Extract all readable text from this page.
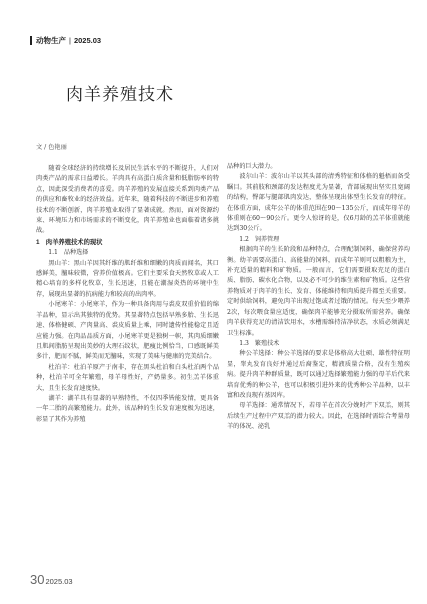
动物生产 | 2025.03
肉羊养殖技术
文 / 色艳丽

随着全球经济的持续增长及居民生活水平的不断提升，人们对肉类产品的需求日益增长。羊肉具有高蛋白质含量和低脂肪率的特点，因此深受消费者的喜爱。肉羊养殖的发展直接关系到肉类产品的供应和畜牧业的经济效益。近年来，随着科技的不断进步和养殖技术的不断创新，肉羊养殖业取得了显著成就。然而，面对资源约束、环境压力和市场需求的不断变化，肉羊养殖业也面临着诸多挑战。

1　肉羊养殖技术的现状
1.1 品种选择

黑山羊：黑山羊因其纤维的肌纤维和细嫩的肉质而闻名，其口感鲜美，膻味较微，营养价值极高。它们主要采食天然牧草或人工精心培育的多样化牧草，生长迅速，且能在潮湿炎热的环境中生存，展现出显著的抗病能力和较高的出肉率。

小尾寒羊：小尾寒羊，作为一种具备肉用与裘皮双重价值的绵羊品种，显示出其独特的优势。其显著特点包括早熟多胎、生长迅速、体格健硕、产肉量高、裘皮质量上乘，同时遗传性能稳定且适应能力强。在肉品品质方面，小尾寒羊更是独树一帜，其肉质细嫩且肌间脂肪呈现出美妙的大理石纹状，肥瘦比例恰当，口感既鲜美多汁，肥而不腻，鲜美而无膻味，实现了美味与健康的完美结合。

杜泊羊：杜泊羊原产于南非，存在黑头杜泊和白头杜泊两个品种，杜泊羊可全年繁殖，母羊母性好，产奶量多。初生羔羊体重大，且生长发育速度快。

湖羊：湖羊具有显著的早熟特性，不仅四季皆能发情，更具备一年二胎的高繁殖能力。此外，该品种的生长发育速度极为迅速，彰显了其作为养殖

品种的巨大潜力。

波尔山羊：波尔山羊以其头部的清秀特征和体格的魁梧而备受瞩目。其前肢和颈部的发达程度尤为显著，背部展现出坚实且宽阔的结构，臀部与腿部肌肉发达，整体呈现出体型生长发育的特征。在体重方面，成年公羊的体重范围在90～135公斤，而成年母羊的体重则在60～90公斤。更令人惊讶的是，仅6月龄的羔羊体重就能达到30公斤。

1.2 饲养管理

根据肉羊的生长阶段和品种特点，合理配制饲料，确保营养均衡。幼羊需要高蛋白、高能量的饲料，而成年羊则可以粗粮为主，补充适量的精料和矿物质。一般而言，它们需要摄取充足的蛋白质、脂肪、碳水化合物，以及必不可少的维生素和矿物质。这些营养物质对于肉羊的生长、发育、体能维持和肉质提升都至关重要。定时供给饲料，避免肉羊出现过饱或者过饿的情况。每天至少喂养2次，每次喂食量应适度，确保肉羊能够充分摄取所需营养。确保肉羊获得充足的清洁饮用水，水槽需维持洁净状态，水质必须满足卫生标准。

1.3 繁殖技术

种公羊选择：种公羊选择的要求是体格高大壮硕、雄性特征明显，睾丸发育良好并通过后裔鉴定，精液质量合格，没有生殖疾病。提升肉羊种群质量，既可以通过选择繁殖能力强的母羊后代来培育优秀的种公羊，也可以积极引进外来的优秀种公羊品种，以丰富和改良现有基因库。

母羊选择：通常情况下，若母羊在首次分娩时产下双羔，则其后续生产过程中产双羔的潜力较大。因此，在选择时需综合考量母羊的体况、泌乳

30 2025.03
